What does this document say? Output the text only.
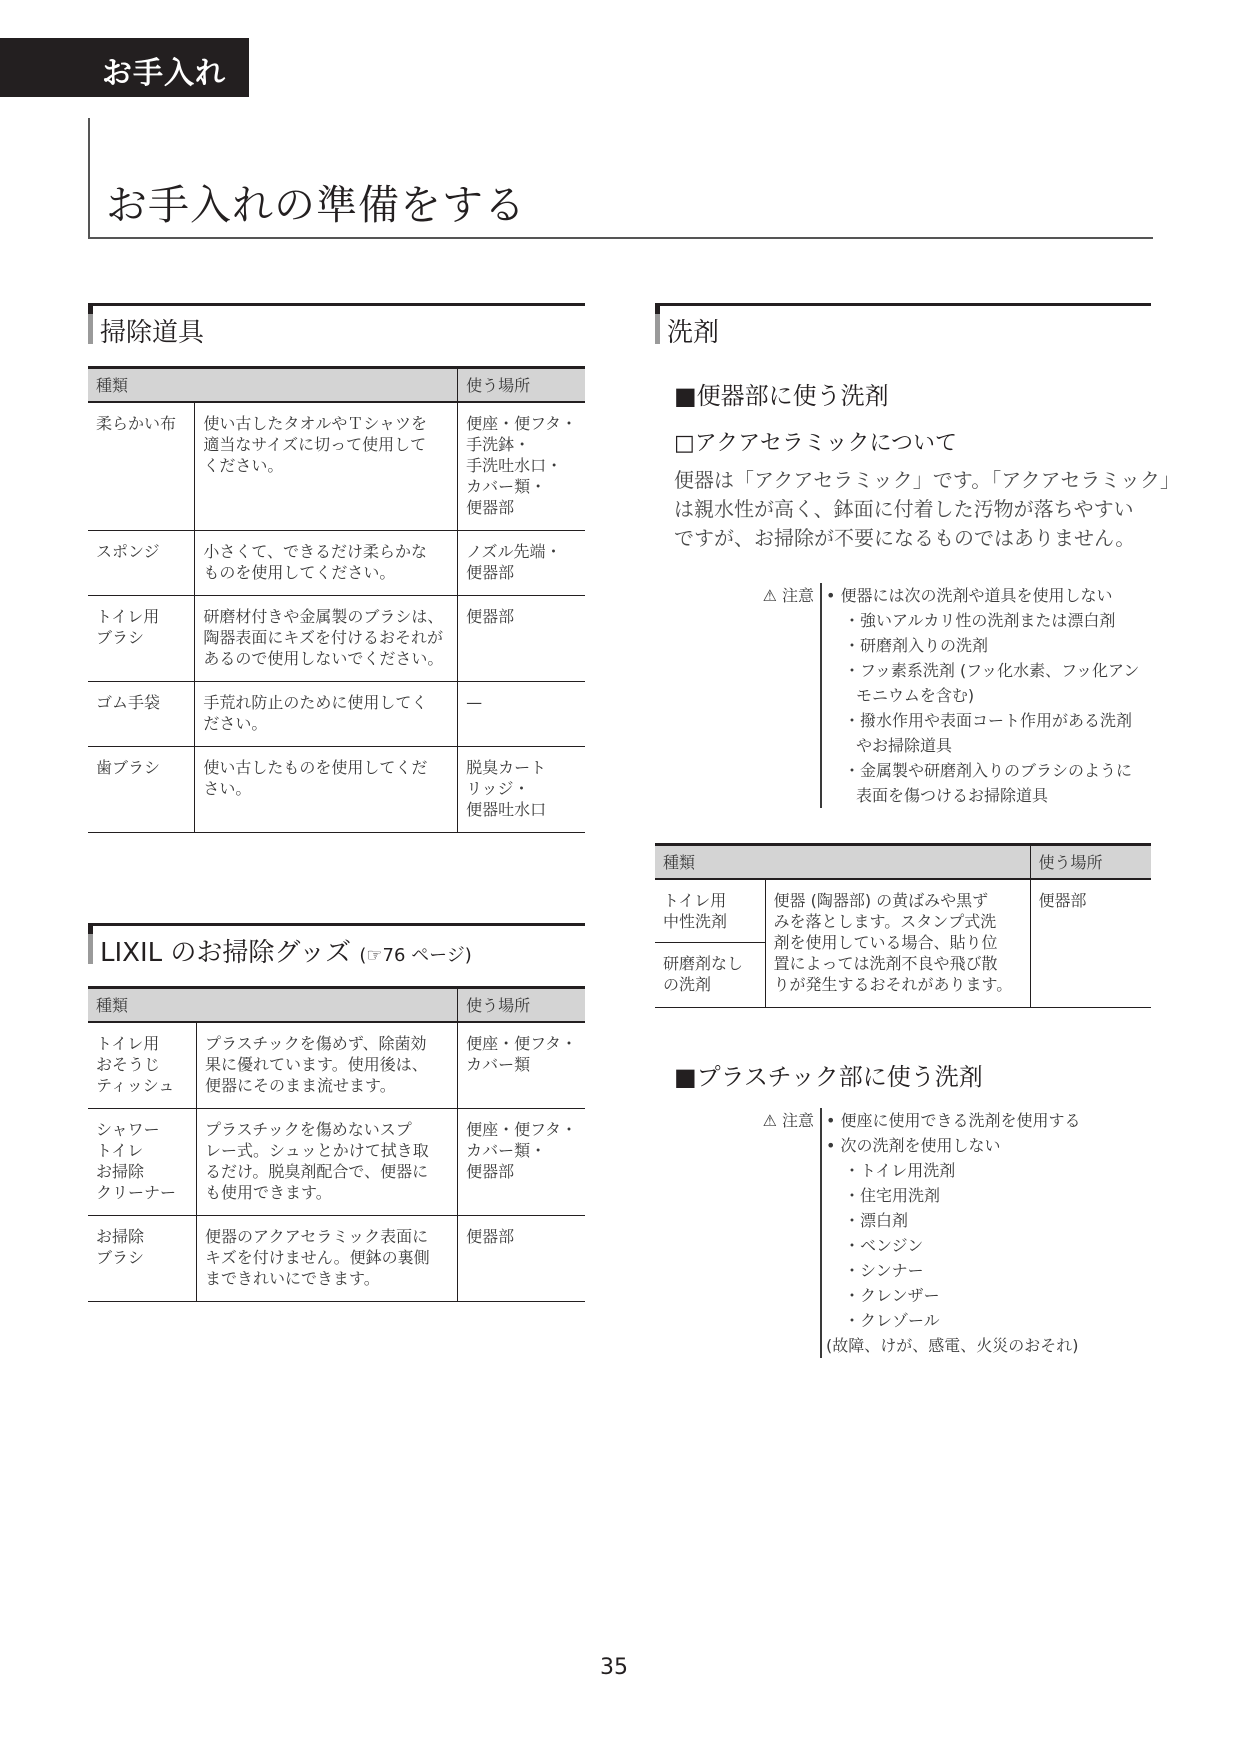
お手入れ
お手入れの準備をする
掃除道具
種類		使う場所

柔らかい布	使い古したタオルやＴシャツを
適当なサイズに切って使用して
ください。	便座・便フタ・
手洗鉢・
手洗吐水口・
カバー類・
便器部

スポンジ	小さくて、できるだけ柔らかな
ものを使用してください。	ノズル先端・
便器部

トイレ用
ブラシ	研磨材付きや金属製のブラシは、
陶器表面にキズを付けるおそれが
あるので使用しないでください。	便器部

ゴム手袋	手荒れ防止のために使用してく
ださい。	—

歯ブラシ	使い古したものを使用してくだ
さい。	脱臭カート
リッジ・
便器吐水口
LIXIL のお掃除グッズ (☞76 ページ)
種類		使う場所

トイレ用
おそうじ
ティッシュ	プラスチックを傷めず、除菌効
果に優れています。使用後は、
便器にそのまま流せます。	便座・便フタ・
カバー類

シャワー
トイレ
お掃除
クリーナー	プラスチックを傷めないスプ
レー式。シュッとかけて拭き取
るだけ。脱臭剤配合で、便器に
も使用できます。	便座・便フタ・
カバー類・
便器部

お掃除
ブラシ	便器のアクアセラミック表面に
キズを付けません。便鉢の裏側
まできれいにできます。	便器部
洗剤
■便器部に使う洗剤
□アクアセラミックについて
便器は「アクアセラミック」です。「アクアセラミック」
は親水性が高く、鉢面に付着した汚物が落ちやすい
ですが、お掃除が不要になるものではありません。
⚠ 注意 • 便器には次の洗剤や道具を使用しない
・強いアルカリ性の洗剤または漂白剤
・研磨剤入りの洗剤
・フッ素系洗剤 (フッ化水素、フッ化アン
モニウムを含む)
・撥水作用や表面コート作用がある洗剤
やお掃除道具
・金属製や研磨剤入りのブラシのように
表面を傷つけるお掃除道具
種類		使う場所

トイレ用
中性洗剤	便器 (陶器部) の黄ばみや黒ず
みを落とします。スタンプ式洗
剤を使用している場合、貼り位
置によっては洗剤不良や飛び散
りが発生するおそれがあります。	便器部

研磨剤なし
の洗剤		
■プラスチック部に使う洗剤
⚠ 注意 • 便座に使用できる洗剤を使用する
• 次の洗剤を使用しない
・トイレ用洗剤
・住宅用洗剤
・漂白剤
・ベンジン
・シンナー
・クレンザー
・クレゾール
(故障、けが、感電、火災のおそれ)
35
